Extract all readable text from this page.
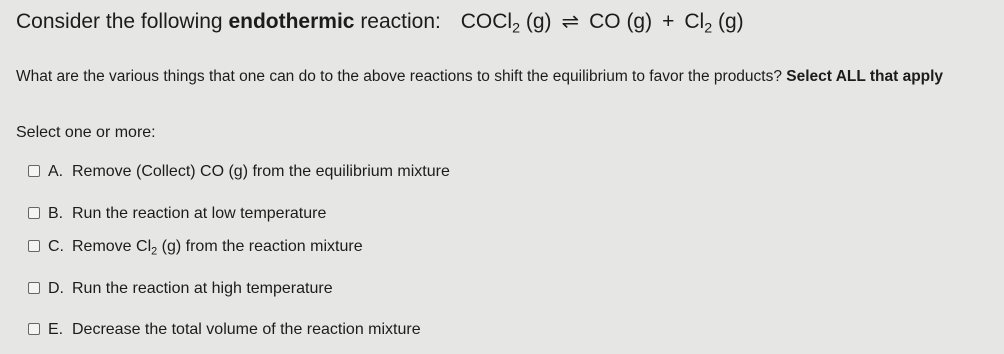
Consider the following endothermic reaction: COCl$_2$ (g) ⇌ CO $(g) + Cl_2$ (g)
What are the various things that one can do to the above reactions to shift the equilibrium to favor the products? Select ALL that apply
Select one or more:
A. Remove (Collect) CO (g) from the equilibrium mixture
B. Run the reaction at low temperature
C. Remove $Cl_2$ (g) from the reaction mixture
D. Run the reaction at high temperature
E. Decrease the total volume of the reaction mixture
